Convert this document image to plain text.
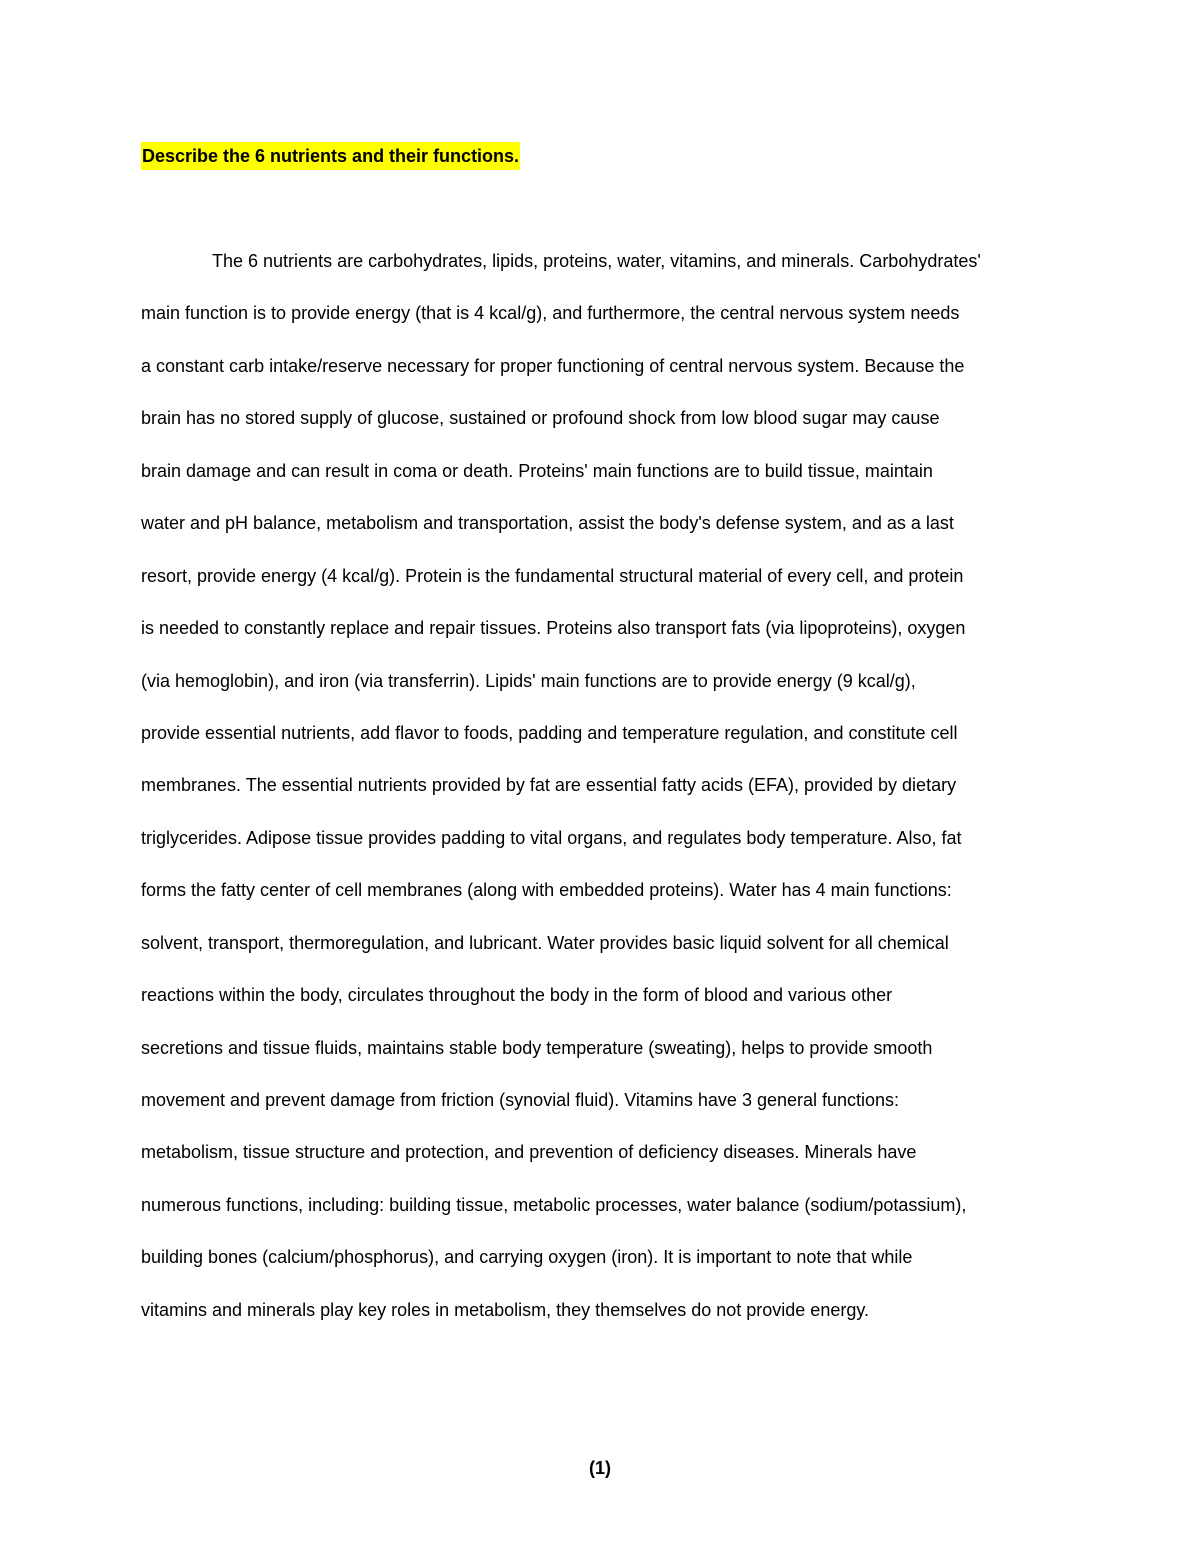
Describe the 6 nutrients and their functions.
The 6 nutrients are carbohydrates, lipids, proteins, water, vitamins, and minerals. Carbohydrates'
main function is to provide energy (that is 4 kcal/g), and furthermore, the central nervous system needs
a constant carb intake/reserve necessary for proper functioning of central nervous system. Because the
brain has no stored supply of glucose, sustained or profound shock from low blood sugar may cause
brain damage and can result in coma or death. Proteins' main functions are to build tissue, maintain
water and pH balance, metabolism and transportation, assist the body's defense system, and as a last
resort, provide energy (4 kcal/g). Protein is the fundamental structural material of every cell, and protein
is needed to constantly replace and repair tissues. Proteins also transport fats (via lipoproteins), oxygen
(via hemoglobin), and iron (via transferrin). Lipids' main functions are to provide energy (9 kcal/g),
provide essential nutrients, add flavor to foods, padding and temperature regulation, and constitute cell
membranes. The essential nutrients provided by fat are essential fatty acids (EFA), provided by dietary
triglycerides. Adipose tissue provides padding to vital organs, and regulates body temperature. Also, fat
forms the fatty center of cell membranes (along with embedded proteins). Water has 4 main functions:
solvent, transport, thermoregulation, and lubricant. Water provides basic liquid solvent for all chemical
reactions within the body, circulates throughout the body in the form of blood and various other
secretions and tissue fluids, maintains stable body temperature (sweating), helps to provide smooth
movement and prevent damage from friction (synovial fluid). Vitamins have 3 general functions:
metabolism, tissue structure and protection, and prevention of deficiency diseases. Minerals have
numerous functions, including: building tissue, metabolic processes, water balance (sodium/potassium),
building bones (calcium/phosphorus), and carrying oxygen (iron). It is important to note that while
vitamins and minerals play key roles in metabolism, they themselves do not provide energy.
(1)
